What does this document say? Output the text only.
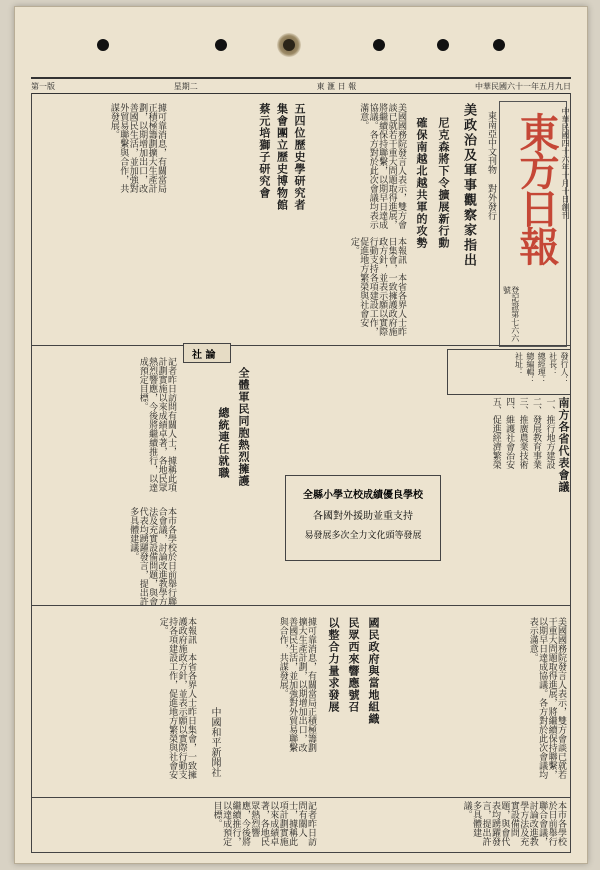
第一版	星期二	東 滙 日 報	中華民國六十一年五月九日
東方日報
登記證第七六六號
中華民國四十六年十月十日創刊
東南亞中文刊物 對外發行
發行人：
社長：
總經理：
總編輯：
社址：
美政治及軍事觀察家指出
尼克森將下令擴展新行動
確保南越北越共軍的攻勢
美國國務院發言人表示，雙方會談已就若干重大問題取得進展，將繼續保持聯繫，以期早日達成協議。各方對於此次會議均表示滿意。
本報訊　本省各界人士昨日集會，一致擁護政府施政方針，並表示願以實際行動支持各項建設工作，促進地方繁榮與社會安定。
據可靠消息，有關當局正積極籌劃擴大生產計劃，以期增加出口，改善國民生活，並加強對外貿易聯繫與合作，共謀發展。	五四位歷史學研究者
集會團立歷史博物館
蔡元培獅子研究會
社 論
記者昨日訪問有關人士，據稱此項計劃實施以來成績卓著，各地民眾熱烈響應，今後將繼續推行，以達成預定目標。
本市各學校於日前舉行聯合會議，討論改進教學方法及充實設備問題，與會代表均踴躍發言，提出許多具體建議。
全體軍民同胞熱烈擁護
總統連任就職
全縣小學立校成績優良學校
各國對外援助並重支持
易發展多次全力文化頭等發展
南方各省代表會議
一、推行地方建設
二、發展教育事業
三、推廣農業技術
四、維護社會治安
五、促進經濟繁榮
國民政府與當地組織
民眾西來響應號召
以整合力量求發展
中國和平新聞社	美國國務院發言人表示，雙方會談已就若干重大問題取得進展，將繼續保持聯繫，以期早日達成協議。各方對於此次會議均表示滿意。
本報訊　本省各界人士昨日集會，一致擁護政府施政方針，並表示願以實際行動支持各項建設工作，促進地方繁榮與社會安定。	據可靠消息，有關當局正積極籌劃擴大生產計劃，以期增加出口，改善國民生活，並加強對外貿易聯繫與合作，共謀發展。
記者昨日訪問有關人士，據稱此項計劃實施以來成績卓著，各地民眾熱烈響應，今後將繼續推行，以達成預定目標。	本市各學校於日前舉行聯合會議，討論改進教學方法及充實設備問題，與會代表均踴躍發言，提出許多具體建議。
